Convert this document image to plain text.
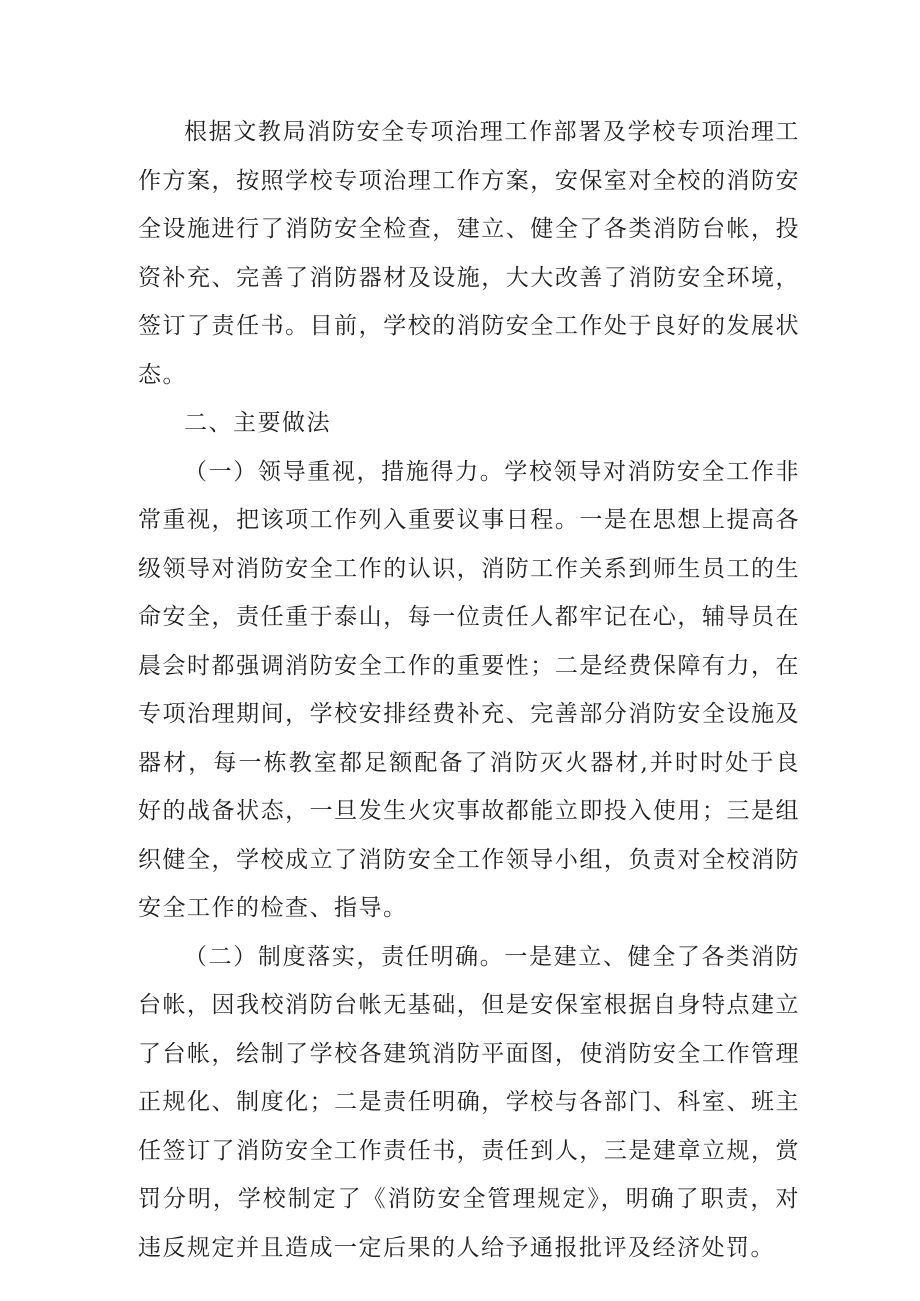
根据文教局消防安全专项治理工作部署及学校专项治理工作方案，按照学校专项治理工作方案，安保室对全校的消防安全设施进行了消防安全检查，建立、健全了各类消防台帐，投资补充、完善了消防器材及设施，大大改善了消防安全环境，签订了责任书。目前，学校的消防安全工作处于良好的发展状态。

二、主要做法

（一）领导重视，措施得力。学校领导对消防安全工作非常重视，把该项工作列入重要议事日程。一是在思想上提高各级领导对消防安全工作的认识，消防工作关系到师生员工的生命安全，责任重于泰山，每一位责任人都牢记在心，辅导员在晨会时都强调消防安全工作的重要性；二是经费保障有力，在专项治理期间，学校安排经费补充、完善部分消防安全设施及器材，每一栋教室都足额配备了消防灭火器材,并时时处于良好的战备状态，一旦发生火灾事故都能立即投入使用；三是组织健全，学校成立了消防安全工作领导小组，负责对全校消防安全工作的检查、指导。

（二）制度落实，责任明确。一是建立、健全了各类消防台帐，因我校消防台帐无基础，但是安保室根据自身特点建立了台帐，绘制了学校各建筑消防平面图，使消防安全工作管理正规化、制度化；二是责任明确，学校与各部门、科室、班主任签订了消防安全工作责任书，责任到人，三是建章立规，赏罚分明，学校制定了《消防安全管理规定》，明确了职责，对违反规定并且造成一定后果的人给予通报批评及经济处罚。
